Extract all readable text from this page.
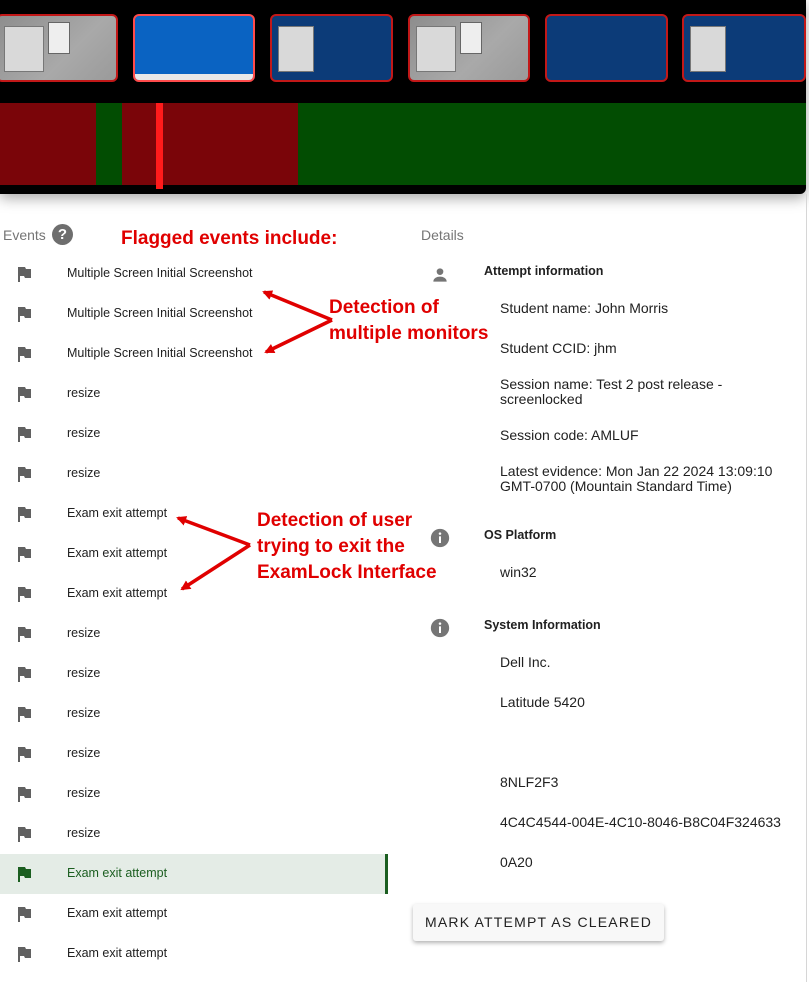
Events ?	Flagged events include:
Multiple Screen Initial Screenshot
Multiple Screen Initial Screenshot
Multiple Screen Initial Screenshot
resize
resize
resize
Exam exit attempt
Exam exit attempt
Exam exit attempt
resize
resize
resize
resize
resize
resize
Exam exit attempt
Exam exit attempt
Exam exit attempt
Detection of
multiple monitors
Detection of user
trying to exit the
ExamLock Interface
Details
Attempt information
Student name: John Morris
Student CCID: jhm
Session name: Test 2 post release - screenlocked
Session code: AMLUF
Latest evidence: Mon Jan 22 2024 13:09:10 GMT-0700 (Mountain Standard Time)
OS Platform
win32
System Information
Dell Inc.
Latitude 5420
8NLF2F3
4C4C4544-004E-4C10-8046-B8C04F324633
0A20
MARK ATTEMPT AS CLEARED
